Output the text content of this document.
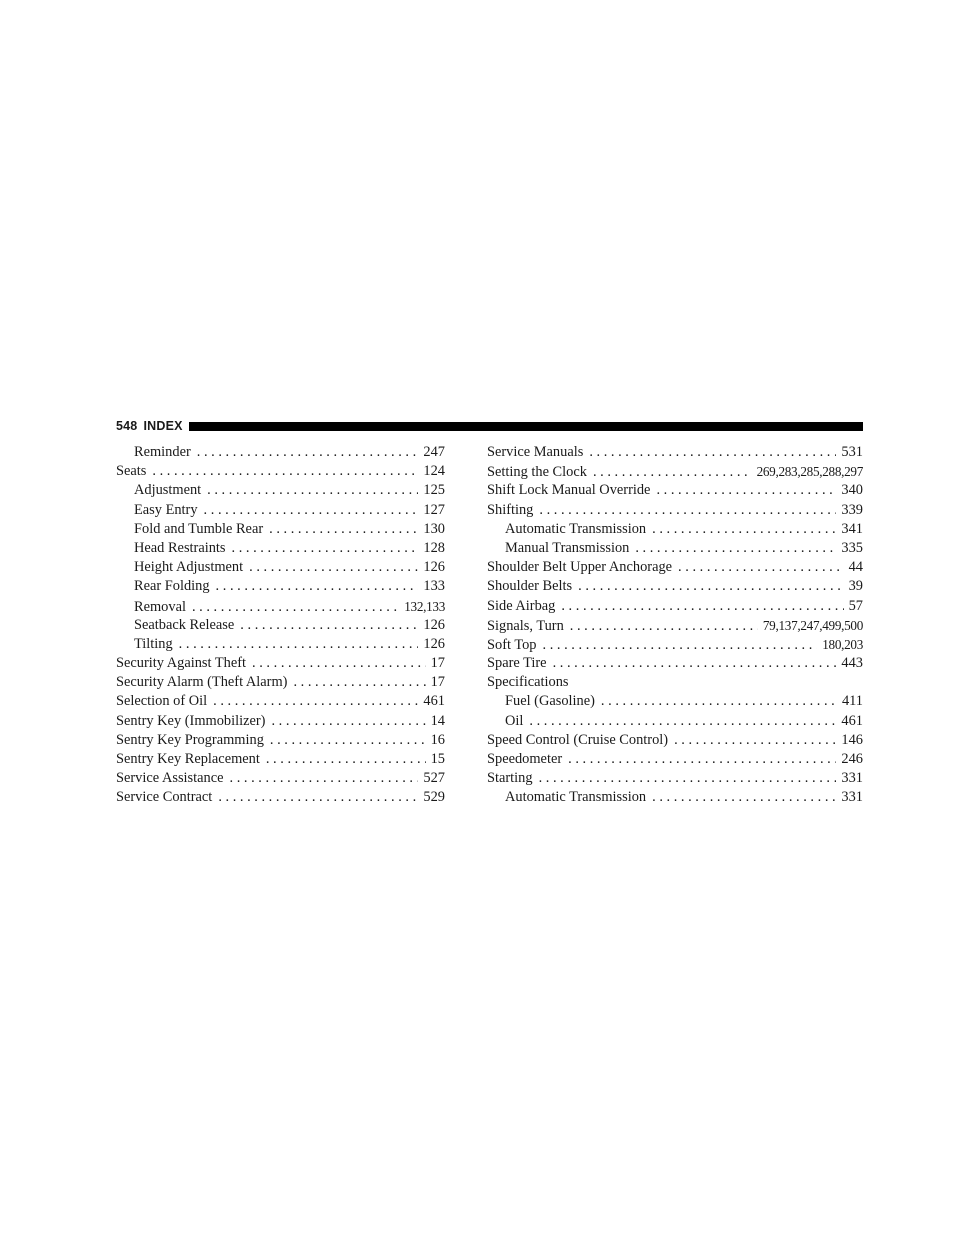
548 INDEX
Reminder . . .	247
Seats . . .	124
Adjustment . . .	125
Easy Entry . . .	127
Fold and Tumble Rear . . .	130
Head Restraints . . .	128
Height Adjustment . . .	126
Rear Folding . . .	133
Removal . . .	132,133
Seatback Release . . .	126
Tilting . . .	126
Security Against Theft . . .	17
Security Alarm (Theft Alarm) . . .	17
Selection of Oil . . .	461
Sentry Key (Immobilizer) . . .	14
Sentry Key Programming . . .	16
Sentry Key Replacement . . .	15
Service Assistance . . .	527
Service Contract . . .	529
Service Manuals . . .	531
Setting the Clock . . .	269,283,285,288,297
Shift Lock Manual Override . . .	340
Shifting . . .	339
Automatic Transmission . . .	341
Manual Transmission . . .	335
Shoulder Belt Upper Anchorage . . .	44
Shoulder Belts . . .	39
Side Airbag . . .	57
Signals, Turn . . .	79,137,247,499,500
Soft Top . . .	180,203
Spare Tire . . .	443
Specifications
Fuel (Gasoline) . . .	411
Oil . . .	461
Speed Control (Cruise Control) . . .	146
Speedometer . . .	246
Starting . . .	331
Automatic Transmission . . .	331
